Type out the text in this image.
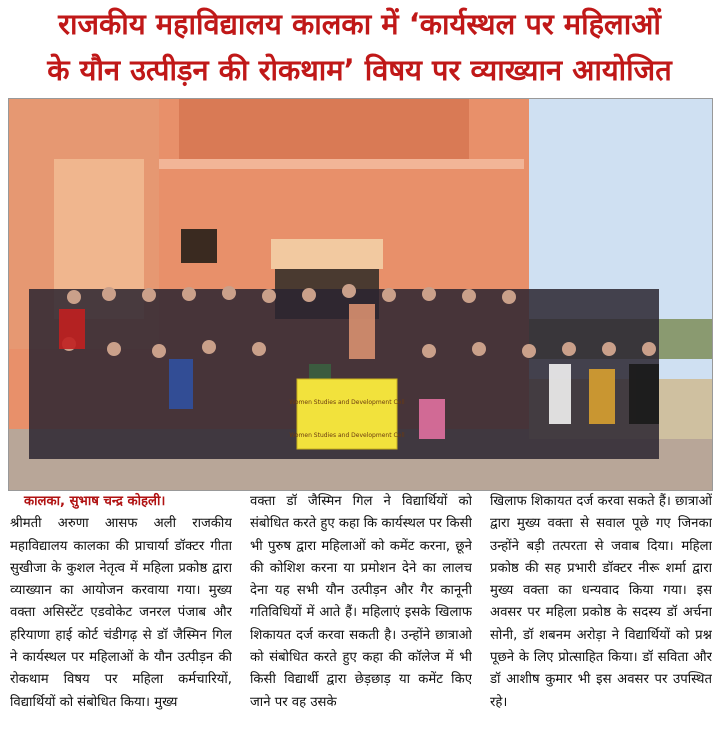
राजकीय महाविद्यालय कालका में ‘कार्यस्थल पर महिलाओं
के यौन उत्पीड़न की रोकथाम’ विषय पर व्याख्यान आयोजित
Women Studies and Development Cell
Women Studies and Development Cell

कालका, सुभाष चन्द्र कोहली।

श्रीमती अरुणा आसफ अली राजकीय महाविद्यालय कालका की प्राचार्या डॉक्टर गीता सुखीजा के कुशल नेतृत्व में महिला प्रकोष्ठ द्वारा व्याख्यान का आयोजन करवाया गया। मुख्य वक्ता असिस्टेंट एडवोकेट जनरल पंजाब और हरियाणा हाई कोर्ट चंडीगढ़ से डॉ जैस्मिन गिल ने कार्यस्थल पर महिलाओं के यौन उत्पीड़न की रोकथाम विषय पर महिला कर्मचारियों, विद्यार्थियों को संबोधित किया। मुख्य

वक्ता डॉ जैस्मिन गिल ने विद्यार्थियों को संबोधित करते हुए कहा कि कार्यस्थल पर किसी भी पुरुष द्वारा महिलाओं को कमेंट करना, छूने की कोशिश करना या प्रमोशन देने का लालच देना यह सभी यौन उत्पीड़न और गैर कानूनी गतिविधियों में आते हैं। महिलाएं इसके खिलाफ शिकायत दर्ज करवा सकती है। उन्होंने छात्राओ को संबोधित करते हुए कहा की कॉलेज में भी किसी विद्यार्थी द्वारा छेड़छाड़ या कमेंट किए जाने पर वह उसके

खिलाफ शिकायत दर्ज करवा सकते हैं। छात्राओं द्वारा मुख्य वक्ता से सवाल पूछे गए जिनका उन्होंने बड़ी तत्परता से जवाब दिया। महिला प्रकोष्ठ की सह प्रभारी डॉक्टर नीरू शर्मा द्वारा मुख्य वक्ता का धन्यवाद किया गया। इस अवसर पर महिला प्रकोष्ठ के सदस्य डॉ अर्चना सोनी, डॉ शबनम अरोड़ा ने विद्यार्थियों को प्रश्न पूछने के लिए प्रोत्साहित किया। डॉ सविता और डॉ आशीष कुमार भी इस अवसर पर उपस्थित रहे।
